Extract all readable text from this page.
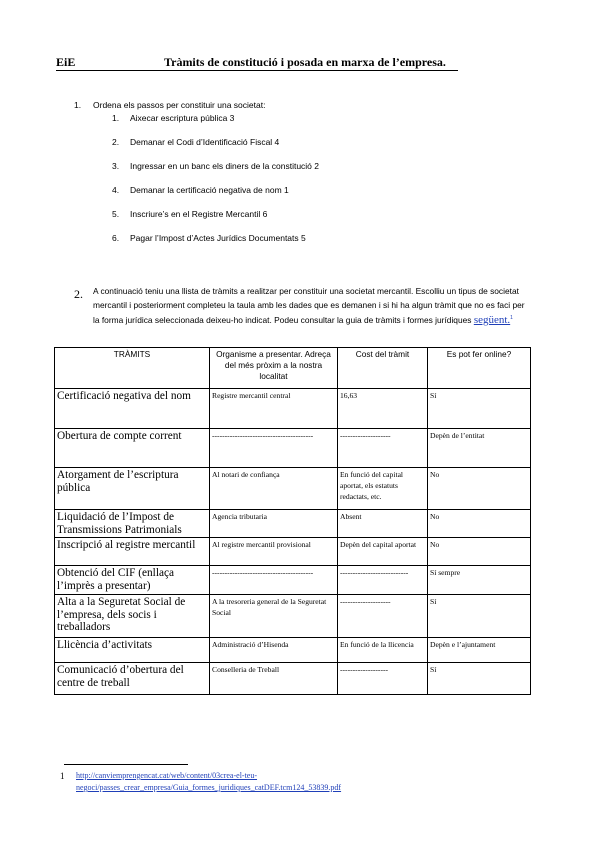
EiE	Tràmits de constitució i posada en marxa de l’empresa.
1. Ordena els passos per constituir una societat:
1. Aixecar escriptura pública 3
2. Demanar el Codi d’Identificació Fiscal 4
3. Ingressar en un banc els diners de la constitució 2
4. Demanar la certificació negativa de nom 1
5. Inscriure’s en el Registre Mercantil 6
6. Pagar l’Impost d’Actes Jurídics Documentats 5
2. A continuació teniu una llista de tràmits a realitzar per constituir una societat mercantil. Escolliu un tipus de societat mercantil i posteriorment completeu la taula amb les dades que es demanen i si hi ha algun tràmit que no es faci per la forma jurídica seleccionada deixeu-ho indicat. Podeu consultar la guia de tràmits i formes jurídiques següent.$^1$
TRÀMITS	Organisme a presentar. Adreça del més pròxim a la nostra localitat	Cost del tràmit	Es pot fer online?
Certificació negativa del nom	Registre mercantil central	16,63	Sí
Obertura de compte corrent	----------------------------------------	--------------------	Depèn de l’entitat
Atorgament de l’escriptura pública	Al notari de confiança	En funció del capital aportat, els estatuts redactats, etc.	No
Liquidació de l’Impost de Transmissions Patrimonials	Agencia tributaria	Absent	No
Inscripció al registre mercantil	Al registre mercantil provisional	Depèn del capital aportat	No
Obtenció del CIF (enllaça l’imprès a presentar)	----------------------------------------	---------------------------	Sí sempre
Alta a la Seguretat Social de l’empresa, dels socis i treballadors	A la tresoreria general de la Seguretat Social	--------------------	Sí
Llicència d’activitats	Administració d’Hisenda	En funció de la llicencia	Depèn e l’ajuntament
Comunicació d’obertura del centre de treball	Conselleria de Treball	-------------------	Sí
1 http://canviemprengencat.cat/web/content/03crea-el-teu-negoci/passes_crear_empresa/Guia_formes_juridiques_catDEF.tcm124_53839.pdf
